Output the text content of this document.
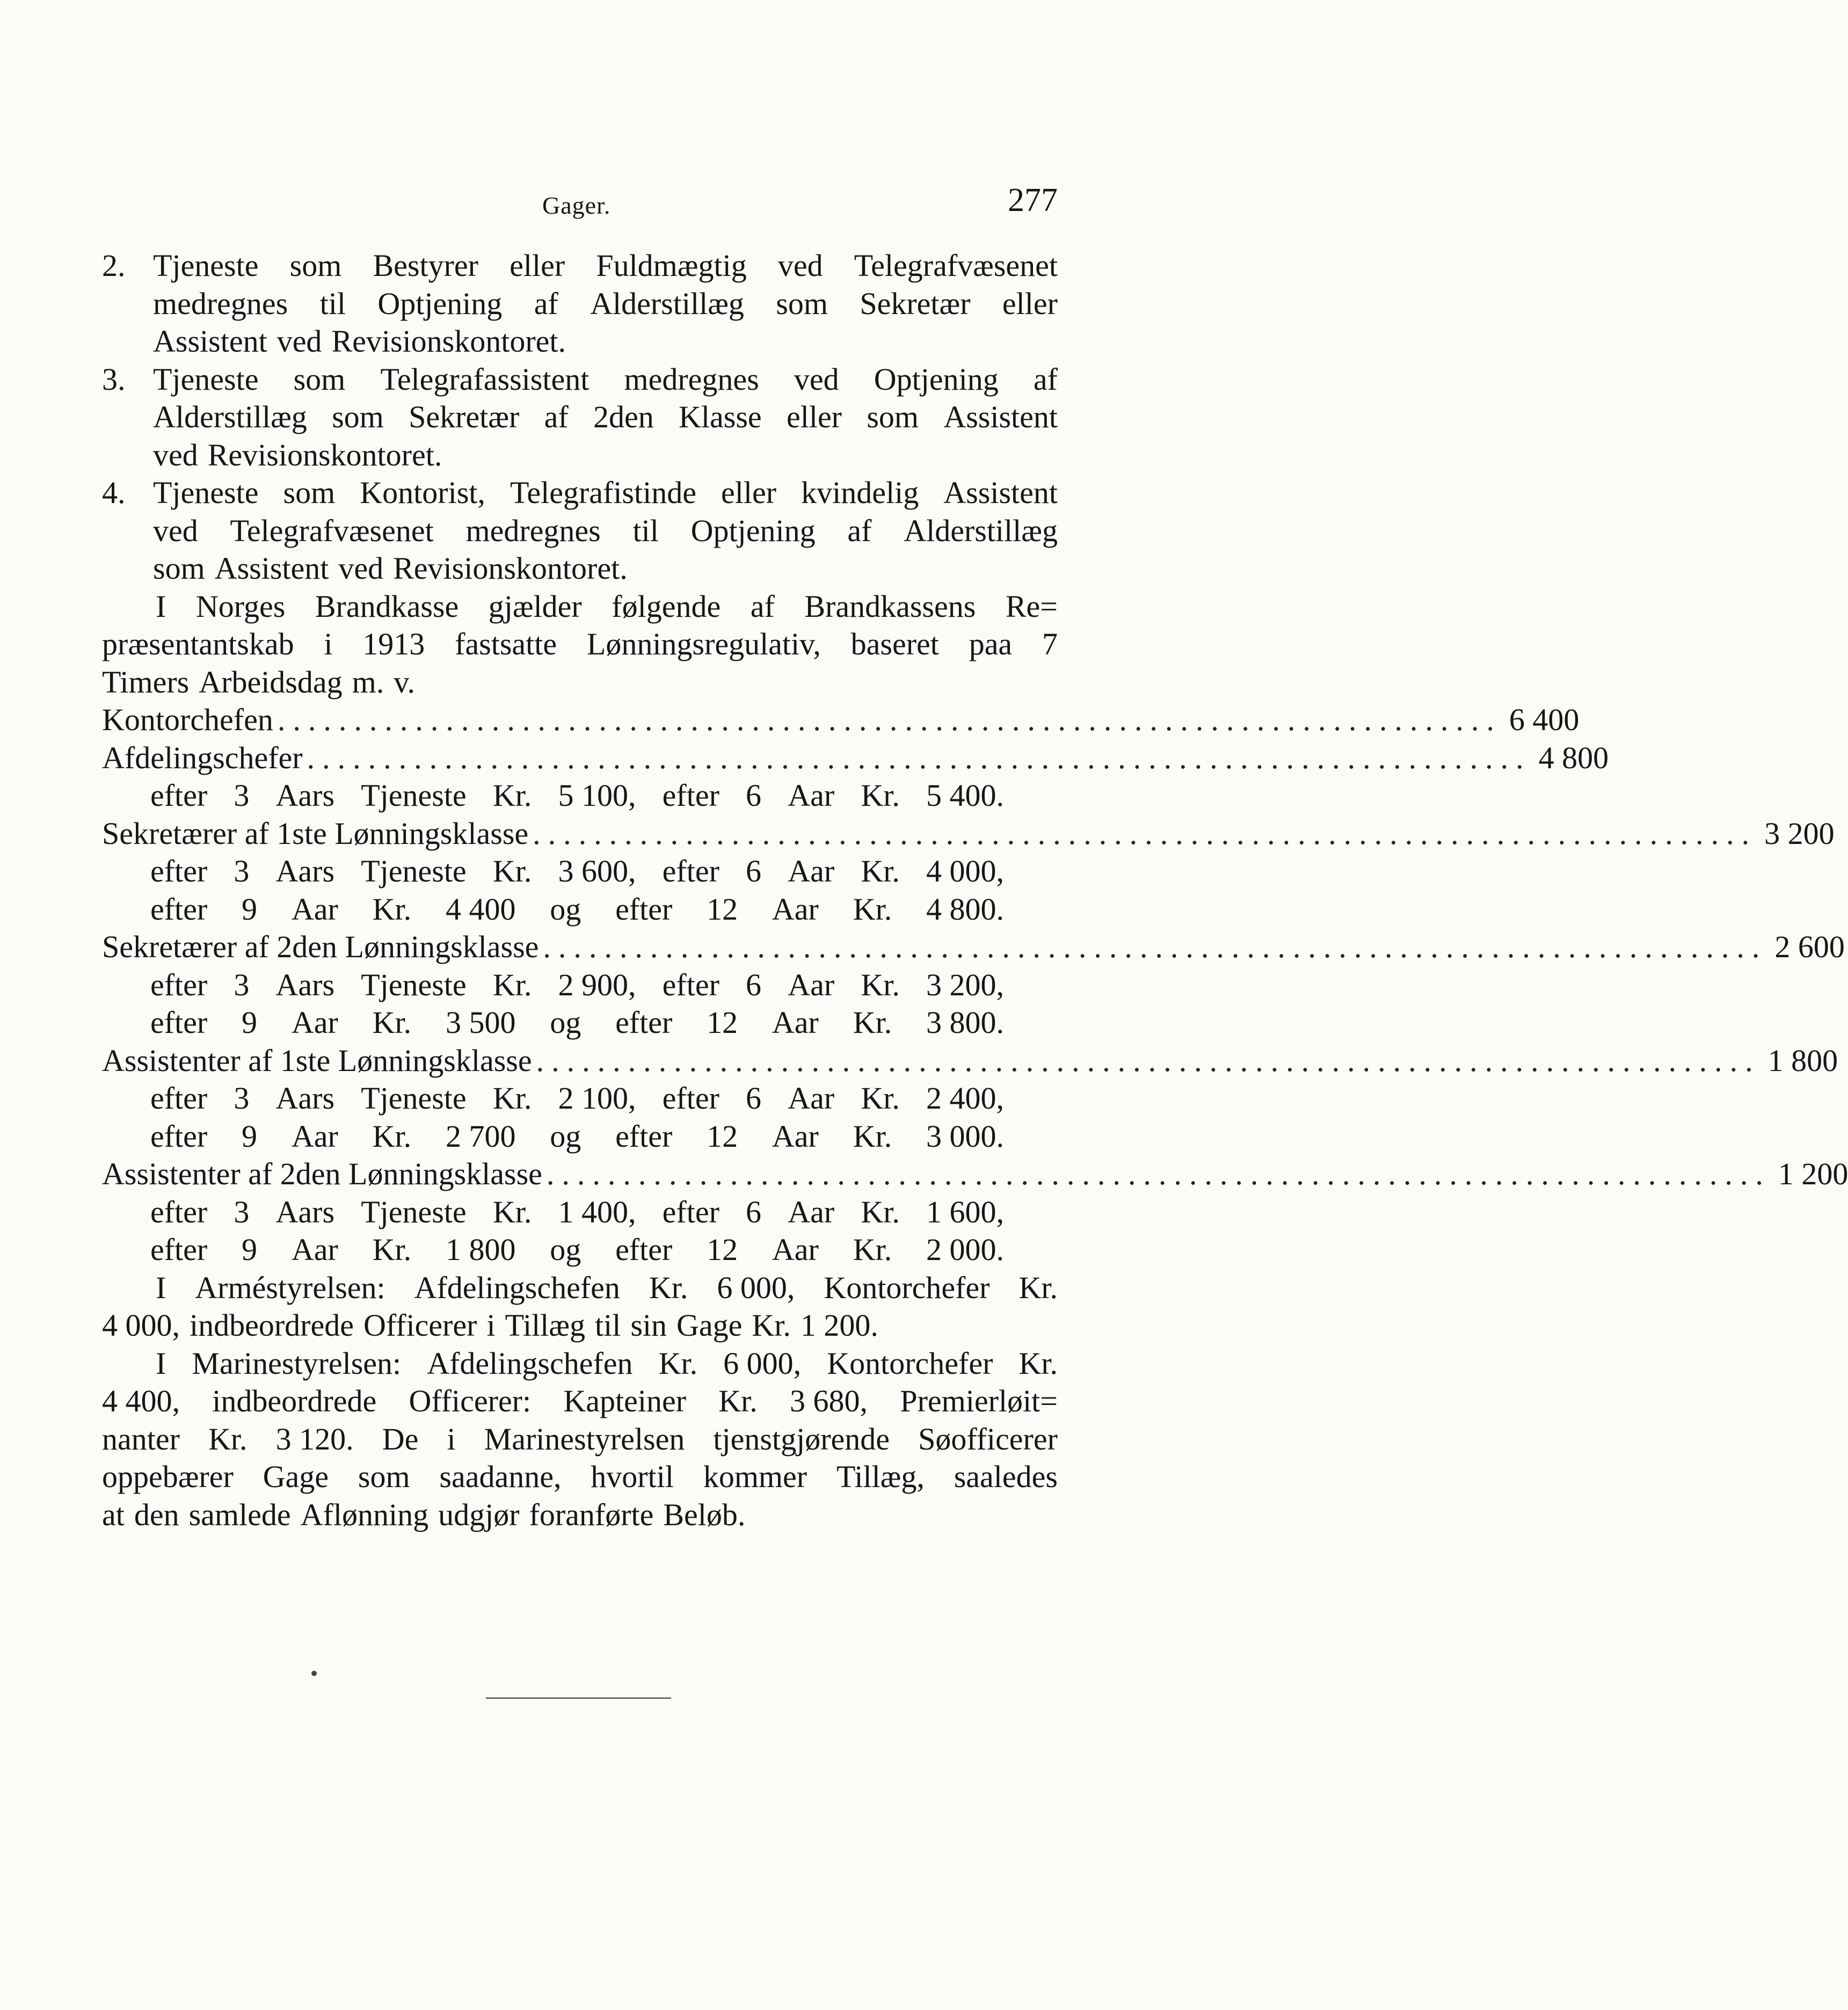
Gager.	277
2. Tjeneste som Bestyrer eller Fuldmægtig ved Telegrafvæsenet
medregnes til Optjening af Alderstillæg som Sekretær eller
Assistent ved Revisionskontoret.
3. Tjeneste som Telegrafassistent medregnes ved Optjening af
Alderstillæg som Sekretær af 2den Klasse eller som Assistent
ved Revisionskontoret.
4. Tjeneste som Kontorist, Telegrafistinde eller kvindelig Assistent
ved Telegrafvæsenet medregnes til Optjening af Alderstillæg
som Assistent ved Revisionskontoret.
I Norges Brandkasse gjælder følgende af Brandkassens Re=
præsentantskab i 1913 fastsatte Lønningsregulativ, baseret paa 7
Timers Arbeidsdag m. v.
Kontorchefen ................................................................................ 6 400
Afdelingschefer ................................................................................ 4 800
efter 3 Aars Tjeneste Kr. 5 100, efter 6 Aar Kr. 5 400.
Sekretærer af 1ste Lønningsklasse ................................................................................ 3 200
efter 3 Aars Tjeneste Kr. 3 600, efter 6 Aar Kr. 4 000,
efter 9 Aar Kr. 4 400 og efter 12 Aar Kr. 4 800.
Sekretærer af 2den Lønningsklasse ................................................................................ 2 600
efter 3 Aars Tjeneste Kr. 2 900, efter 6 Aar Kr. 3 200,
efter 9 Aar Kr. 3 500 og efter 12 Aar Kr. 3 800.
Assistenter af 1ste Lønningsklasse ................................................................................ 1 800
efter 3 Aars Tjeneste Kr. 2 100, efter 6 Aar Kr. 2 400,
efter 9 Aar Kr. 2 700 og efter 12 Aar Kr. 3 000.
Assistenter af 2den Lønningsklasse ................................................................................ 1 200
efter 3 Aars Tjeneste Kr. 1 400, efter 6 Aar Kr. 1 600,
efter 9 Aar Kr. 1 800 og efter 12 Aar Kr. 2 000.
I Arméstyrelsen: Afdelingschefen Kr. 6 000, Kontorchefer Kr.
4 000, indbeordrede Officerer i Tillæg til sin Gage Kr. 1 200.
I Marinestyrelsen: Afdelingschefen Kr. 6 000, Kontorchefer Kr.
4 400, indbeordrede Officerer: Kapteiner Kr. 3 680, Premierløit=
nanter Kr. 3 120. De i Marinestyrelsen tjenstgjørende Søofficerer
oppebærer Gage som saadanne, hvortil kommer Tillæg, saaledes
at den samlede Aflønning udgjør foranførte Beløb.
